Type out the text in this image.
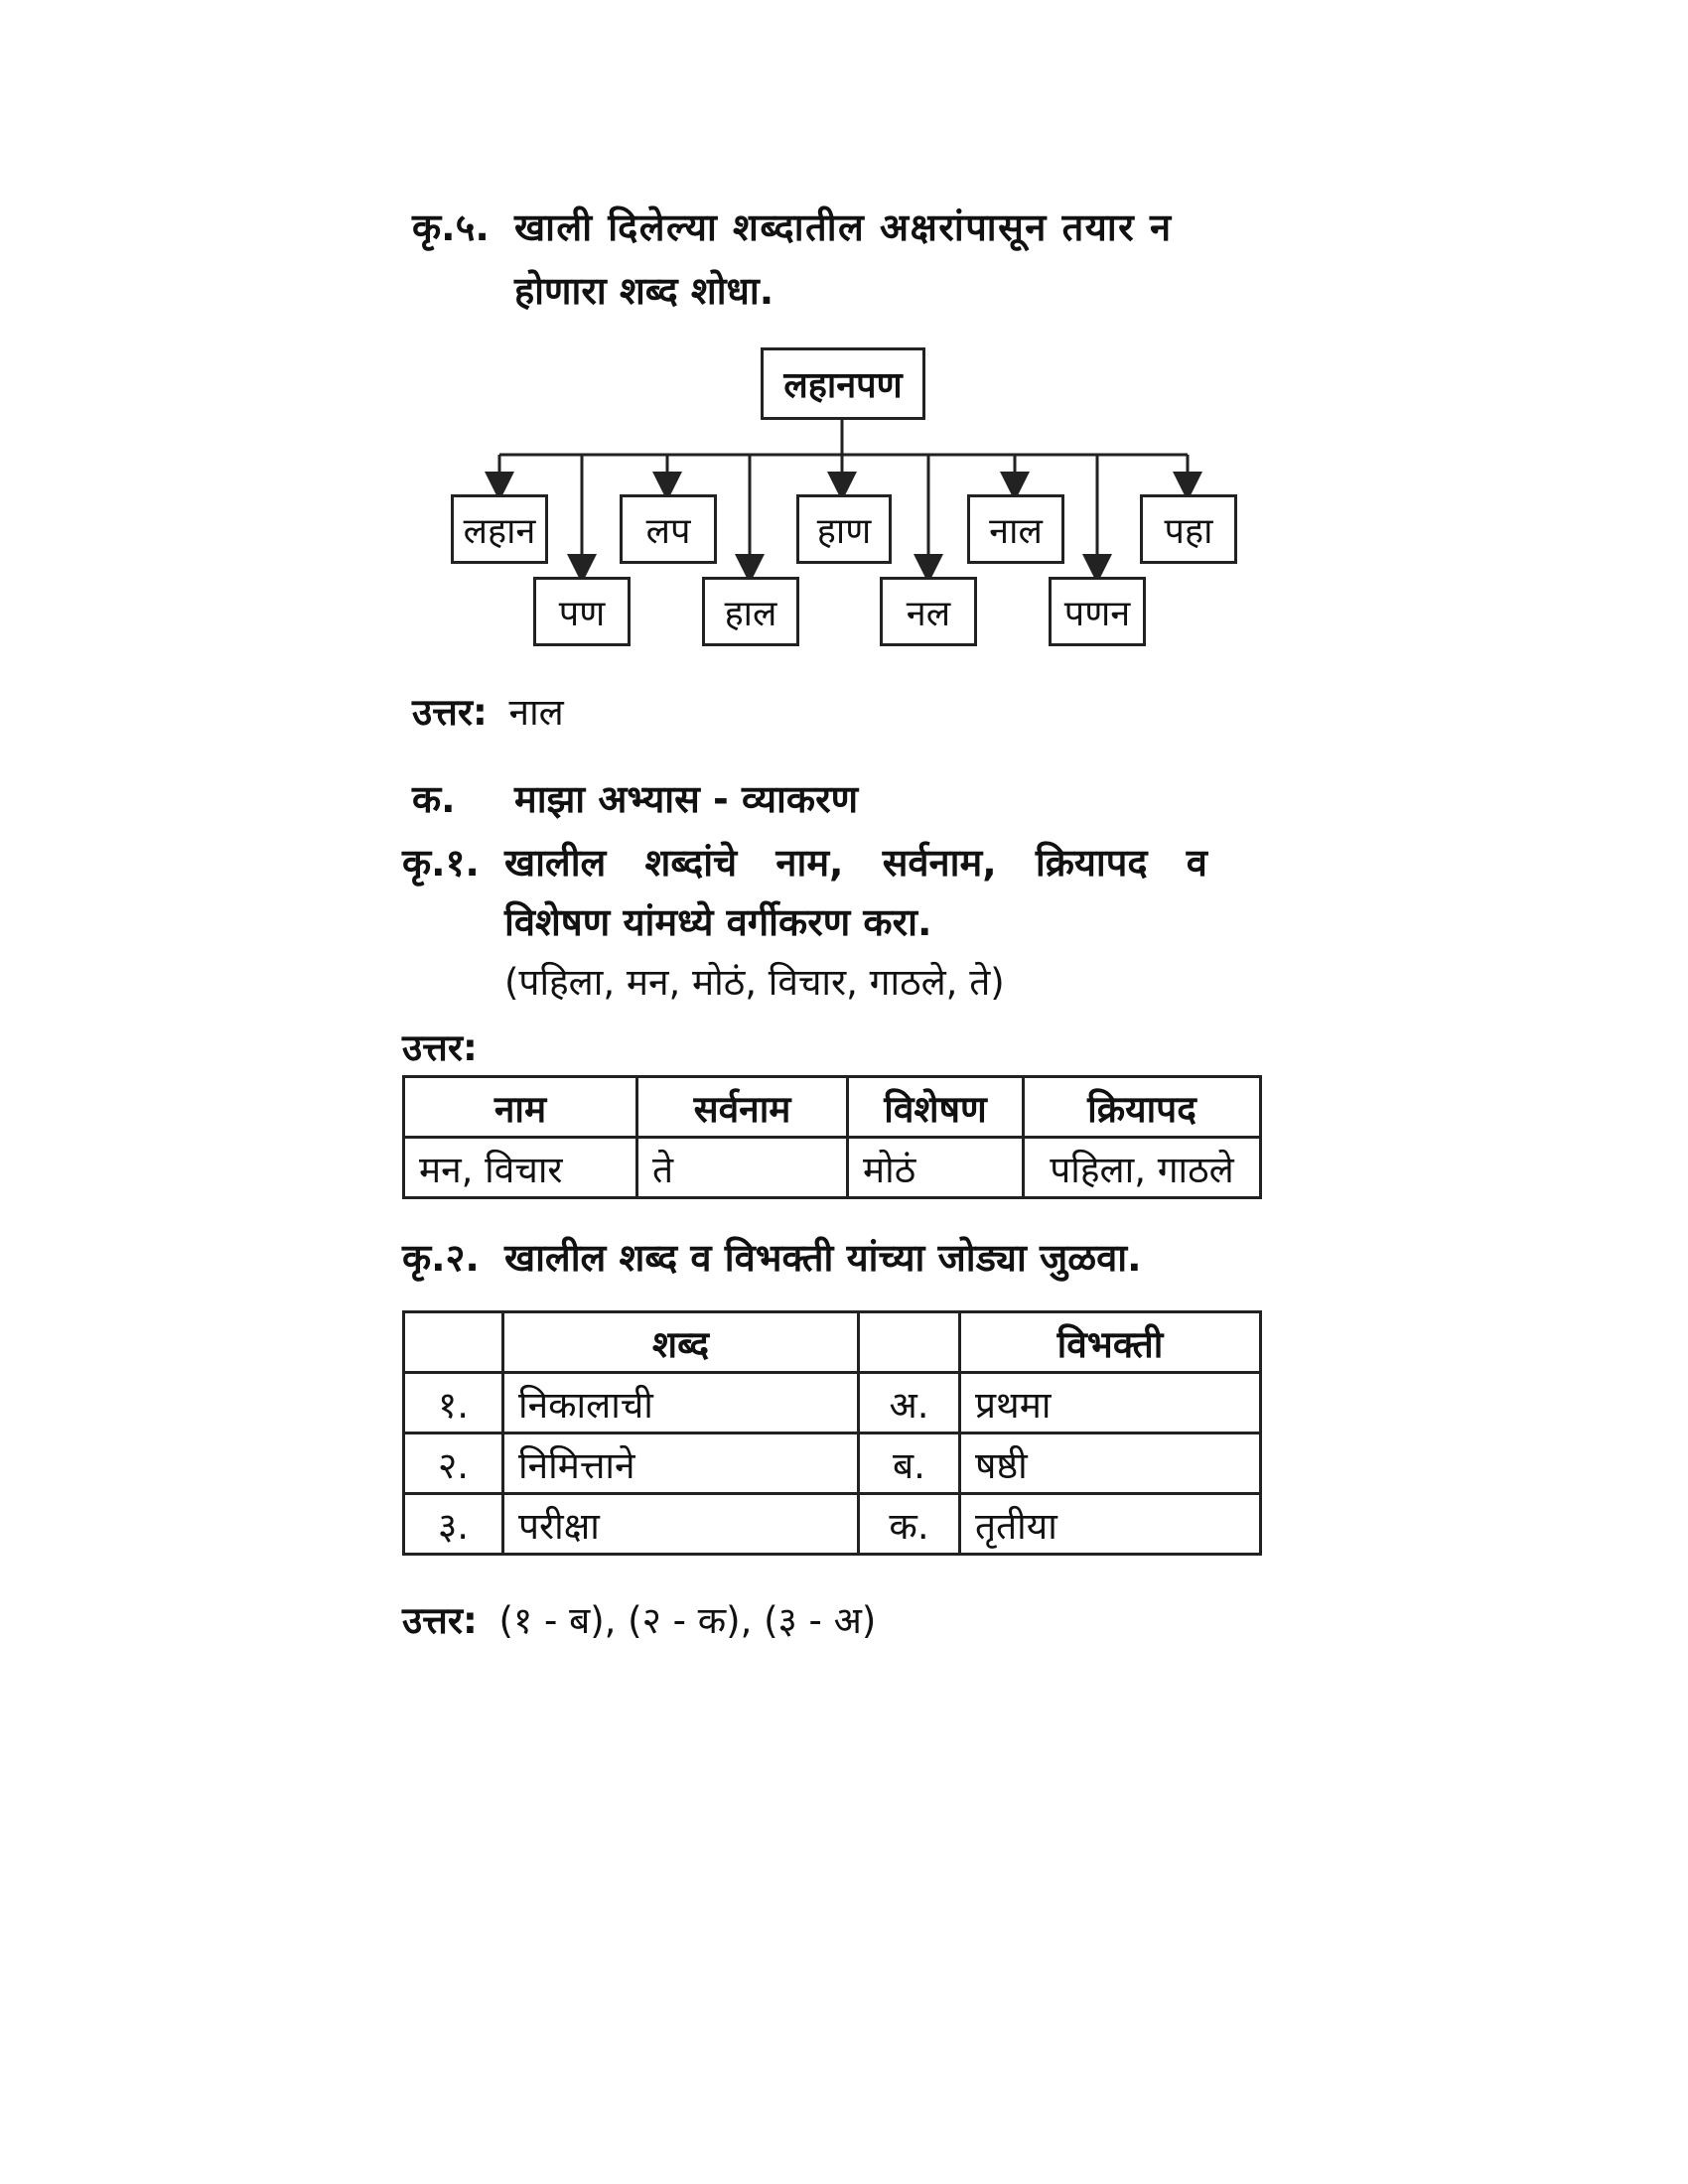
कृ.५. खाली दिलेल्या शब्दातील अक्षरांपासून तयार न
होणारा शब्द शोधा.
लहानपण
लहान	लप	हाण	नाल	पहा
पण	हाल	नल	पणन
उत्तर: नाल
क. माझा अभ्यास - व्याकरण
कृ.१. खालील शब्दांचे नाम, सर्वनाम, क्रियापद व
विशेषण यांमध्ये वर्गीकरण करा.
(पहिला, मन, मोठं, विचार, गाठले, ते)
उत्तर:
नाम	सर्वनाम	विशेषण	क्रियापद
मन, विचार	ते	मोठं	पहिला, गाठले
कृ.२. खालील शब्द व विभक्ती यांच्या जोड्या जुळवा.
	शब्द		विभक्ती
१.	निकालाची	अ.	प्रथमा
२.	निमित्ताने	ब.	षष्ठी
३.	परीक्षा	क.	तृतीया
उत्तर: (१ - ब), (२ - क), (३ - अ)
